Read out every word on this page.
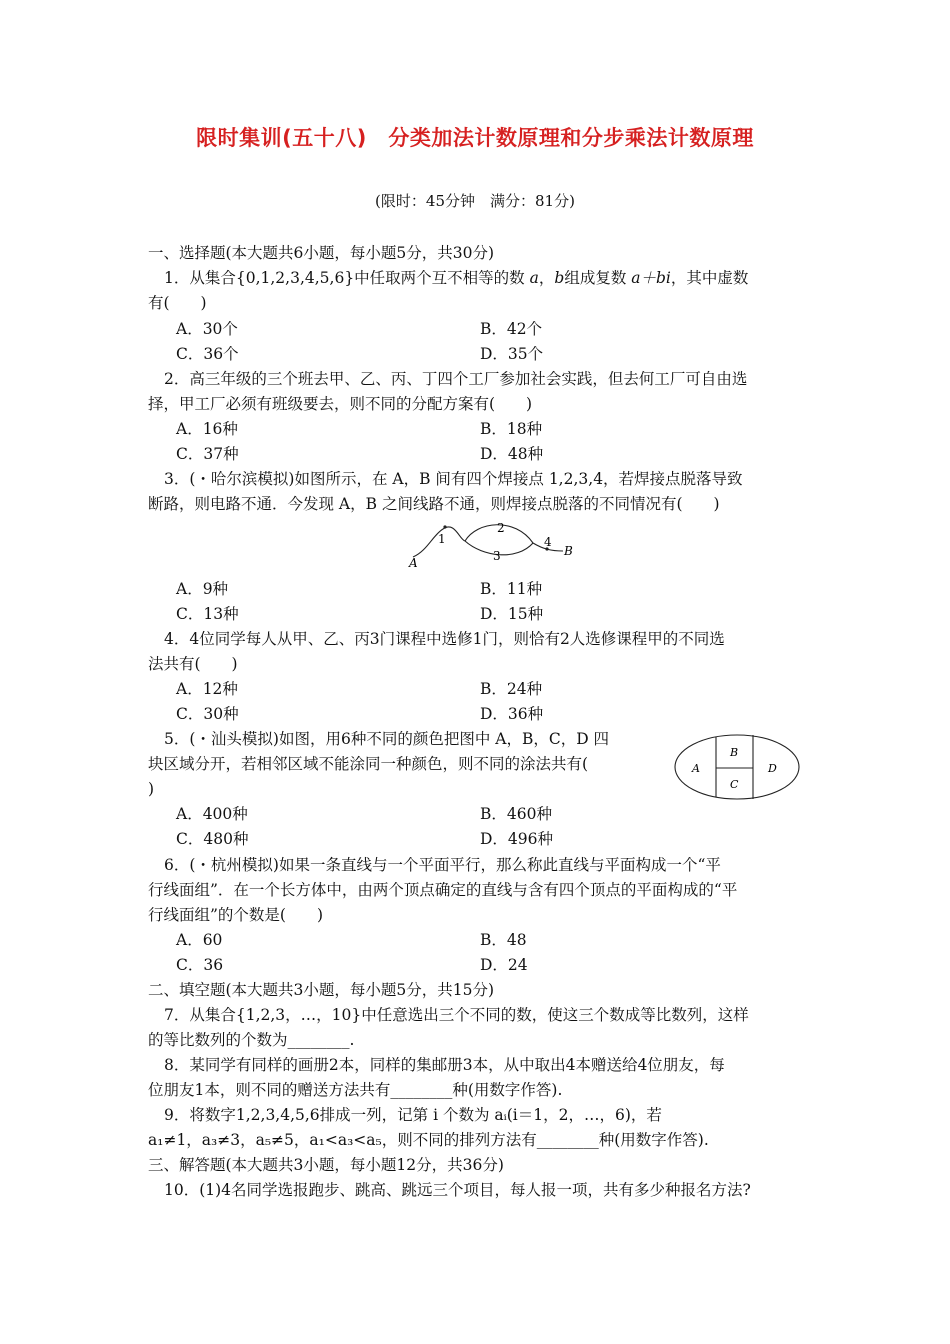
限时集训(五十八)　分类加法计数原理和分步乘法计数原理
(限时：45分钟　满分：81分)
一、选择题(本大题共6小题，每小题5分，共30分)
1．从集合{0,1,2,3,4,5,6}中任取两个互不相等的数 a，b组成复数 a＋bi，其中虚数
有(　　)
A．30个	B．42个
C．36个	D．35个
2．高三年级的三个班去甲、乙、丙、丁四个工厂参加社会实践，但去何工厂可自由选
择，甲工厂必须有班级要去，则不同的分配方案有(　　)
A．16种	B．18种
C．37种	D．48种
3．(・哈尔滨模拟)如图所示，在 A，B 间有四个焊接点 1,2,3,4，若焊接点脱落导致
断路，则电路不通．今发现 A，B 之间线路不通，则焊接点脱落的不同情况有(　　)
A
1
2
3
4
B
A．9种	B．11种
C．13种	D．15种
4．4位同学每人从甲、乙、丙3门课程中选修1门，则恰有2人选修课程甲的不同选
法共有(　　)
A．12种	B．24种
C．30种	D．36种
5．(・汕头模拟)如图，用6种不同的颜色把图中 A，B，C，D 四
块区域分开，若相邻区域不能涂同一种颜色，则不同的涂法共有(
)
A
B
C
D
A．400种	B．460种
C．480种	D．496种
6．(・杭州模拟)如果一条直线与一个平面平行，那么称此直线与平面构成一个“平
行线面组”．在一个长方体中，由两个顶点确定的直线与含有四个顶点的平面构成的“平
行线面组”的个数是(　　)
A．60	B．48
C．36	D．24
二、填空题(本大题共3小题，每小题5分，共15分)
7．从集合{1,2,3，…，10}中任意选出三个不同的数，使这三个数成等比数列，这样
的等比数列的个数为________.
8．某同学有同样的画册2本，同样的集邮册3本，从中取出4本赠送给4位朋友，每
位朋友1本，则不同的赠送方法共有________种(用数字作答).
9．将数字1,2,3,4,5,6排成一列，记第 i 个数为 aᵢ(i＝1，2，…，6)，若
a₁≠1，a₃≠3，a₅≠5，a₁<a₃<a₅，则不同的排列方法有________种(用数字作答).
三、解答题(本大题共3小题，每小题12分，共36分)
10．(1)4名同学选报跑步、跳高、跳远三个项目，每人报一项，共有多少种报名方法?
